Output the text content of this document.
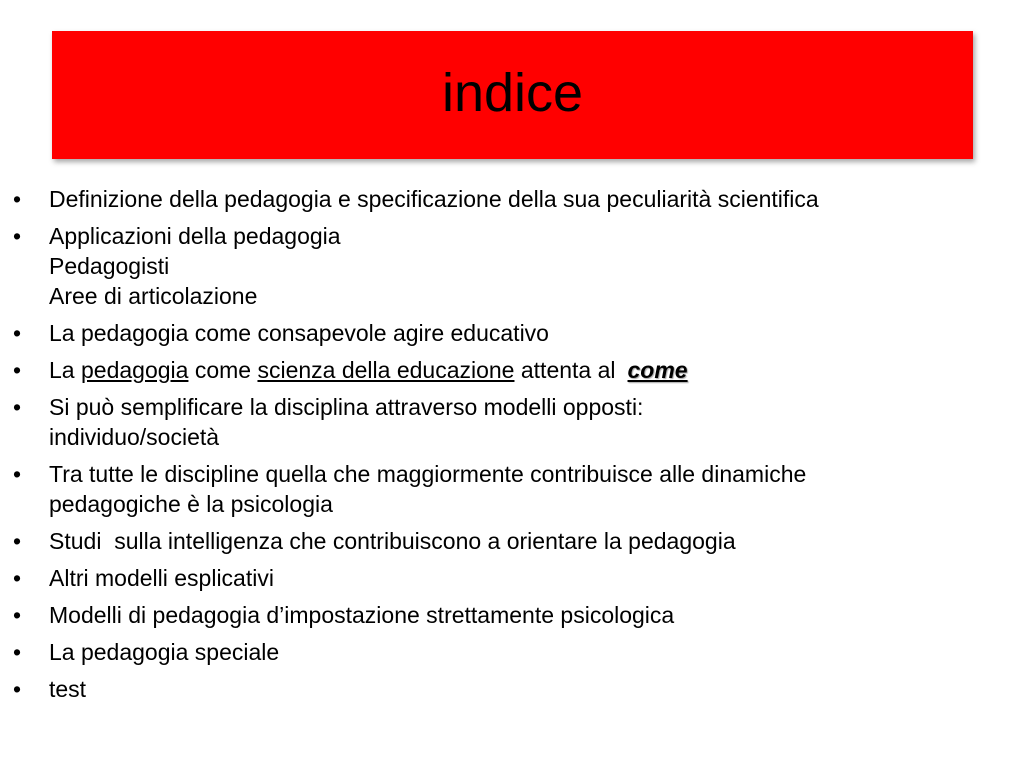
indice
• Definizione della pedagogia e specificazione della sua peculiarità scientifica
• Applicazioni della pedagogia
Pedagogisti
Aree di articolazione
• La pedagogia come consapevole agire educativo
• La pedagogia come scienza della educazione attenta al come
• Si può semplificare la disciplina attraverso modelli opposti:
individuo/società
• Tra tutte le discipline quella che maggiormente contribuisce alle dinamiche
pedagogiche è la psicologia
• Studi  sulla intelligenza che contribuiscono a orientare la pedagogia
• Altri modelli esplicativi
• Modelli di pedagogia d’impostazione strettamente psicologica
• La pedagogia speciale
• test
